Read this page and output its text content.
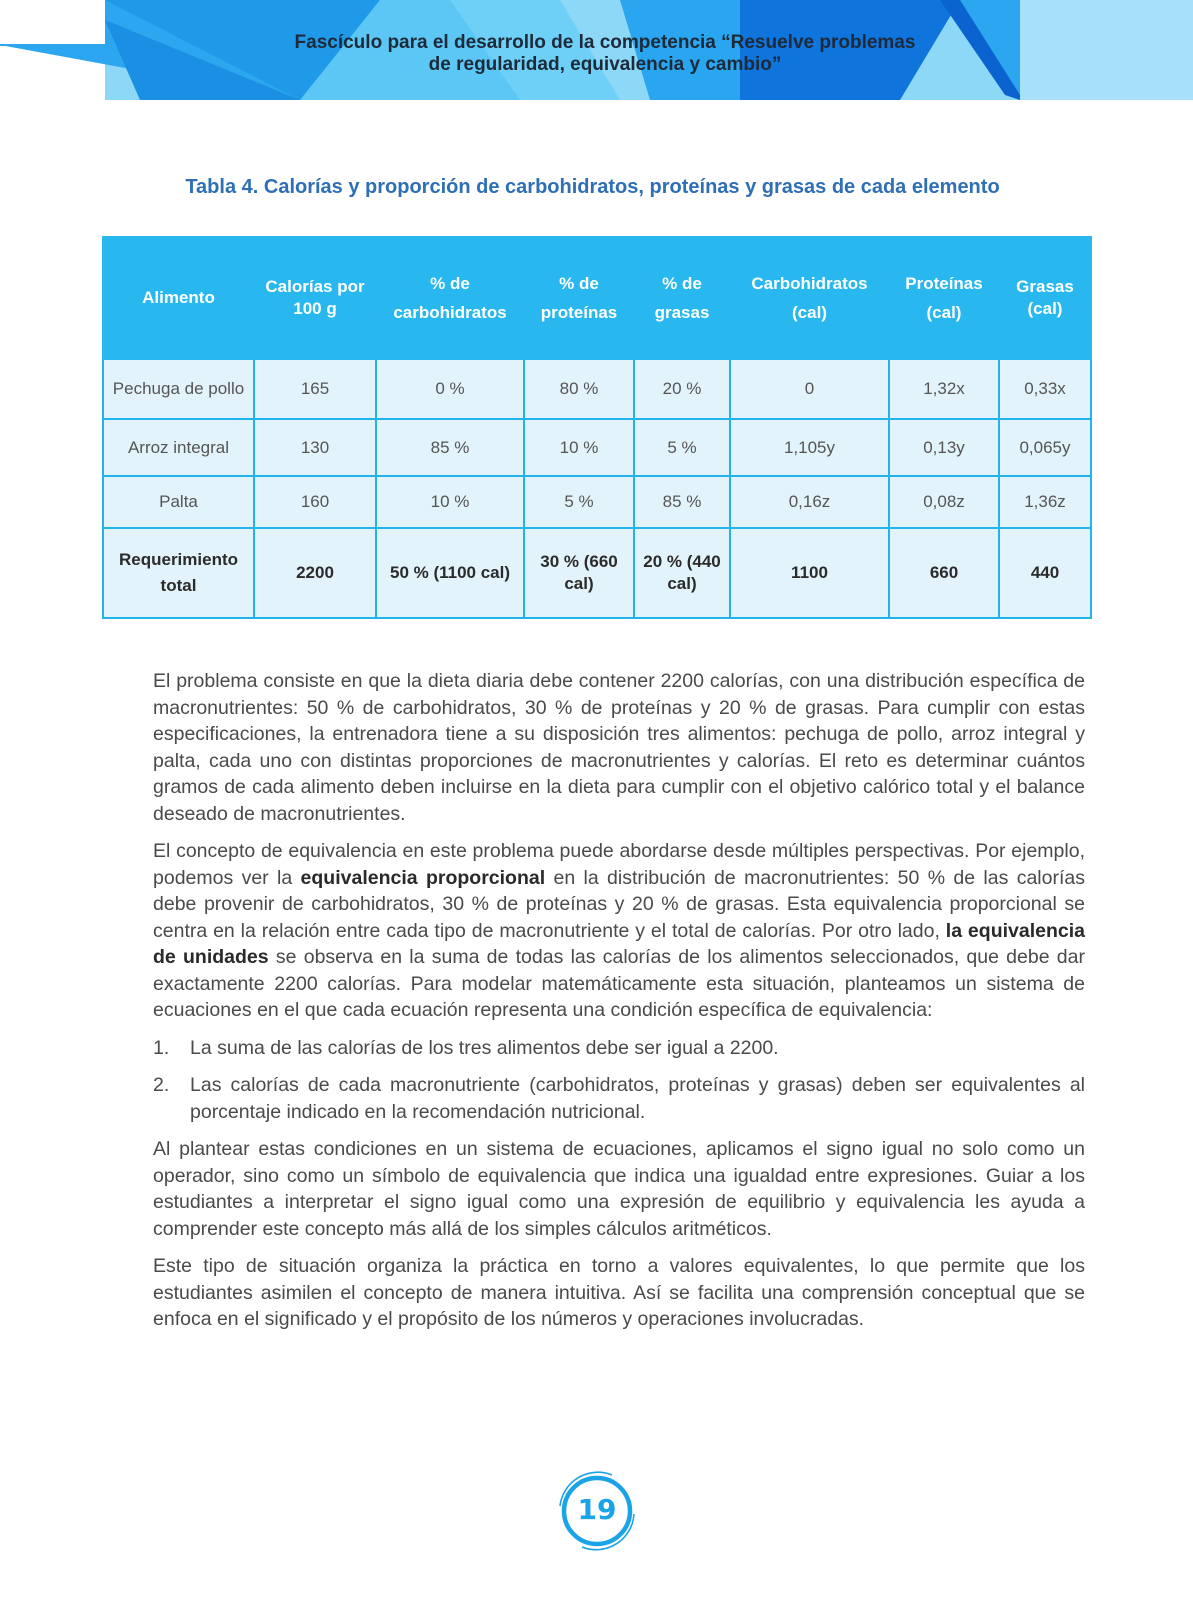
Fascículo para el desarrollo de la competencia “Resuelve problemas
de regularidad, equivalencia y cambio”
Tabla 4. Calorías y proporción de carbohidratos, proteínas y grasas de cada elemento
Alimento	Calorías por 100 g	% de carbohidratos	% de proteínas	% de grasas	Carbohidratos (cal)	Proteínas (cal)	Grasas (cal)
Pechuga de pollo	165	0 %	80 %	20 %	0	1,32x	0,33x
Arroz integral	130	85 %	10 %	5 %	1,105y	0,13y	0,065y
Palta	160	10 %	5 %	85 %	0,16z	0,08z	1,36z
Requerimiento total	2200	50 % (1100 cal)	30 % (660 cal)	20 % (440 cal)	1100	660	440

El problema consiste en que la dieta diaria debe contener 2200 calorías, con una distribución específica de macronutrientes: 50 % de carbohidratos, 30 % de proteínas y 20 % de grasas. Para cumplir con estas especificaciones, la entrenadora tiene a su disposición tres alimentos: pechuga de pollo, arroz integral y palta, cada uno con distintas proporciones de macronutrientes y calorías. El reto es determinar cuántos gramos de cada alimento deben incluirse en la dieta para cumplir con el objetivo calórico total y el balance deseado de macronutrientes.

El concepto de equivalencia en este problema puede abordarse desde múltiples perspectivas. Por ejemplo, podemos ver la equivalencia proporcional en la distribución de macronutrientes: 50 % de las calorías debe provenir de carbohidratos, 30 % de proteínas y 20 % de grasas. Esta equivalencia proporcional se centra en la relación entre cada tipo de macronutriente y el total de calorías. Por otro lado, la equivalencia de unidades se observa en la suma de todas las calorías de los alimentos seleccionados, que debe dar exactamente 2200 calorías. Para modelar matemáticamente esta situación, planteamos un sistema de ecuaciones en el que cada ecuación representa una condición específica de equivalencia:

1. La suma de las calorías de los tres alimentos debe ser igual a 2200.
2. Las calorías de cada macronutriente (carbohidratos, proteínas y grasas) deben ser equivalentes al porcentaje indicado en la recomendación nutricional.

Al plantear estas condiciones en un sistema de ecuaciones, aplicamos el signo igual no solo como un operador, sino como un símbolo de equivalencia que indica una igualdad entre expresiones. Guiar a los estudiantes a interpretar el signo igual como una expresión de equilibrio y equivalencia les ayuda a comprender este concepto más allá de los simples cálculos aritméticos.

Este tipo de situación organiza la práctica en torno a valores equivalentes, lo que permite que los estudiantes asimilen el concepto de manera intuitiva. Así se facilita una comprensión conceptual que se enfoca en el significado y el propósito de los números y operaciones involucradas.

19
